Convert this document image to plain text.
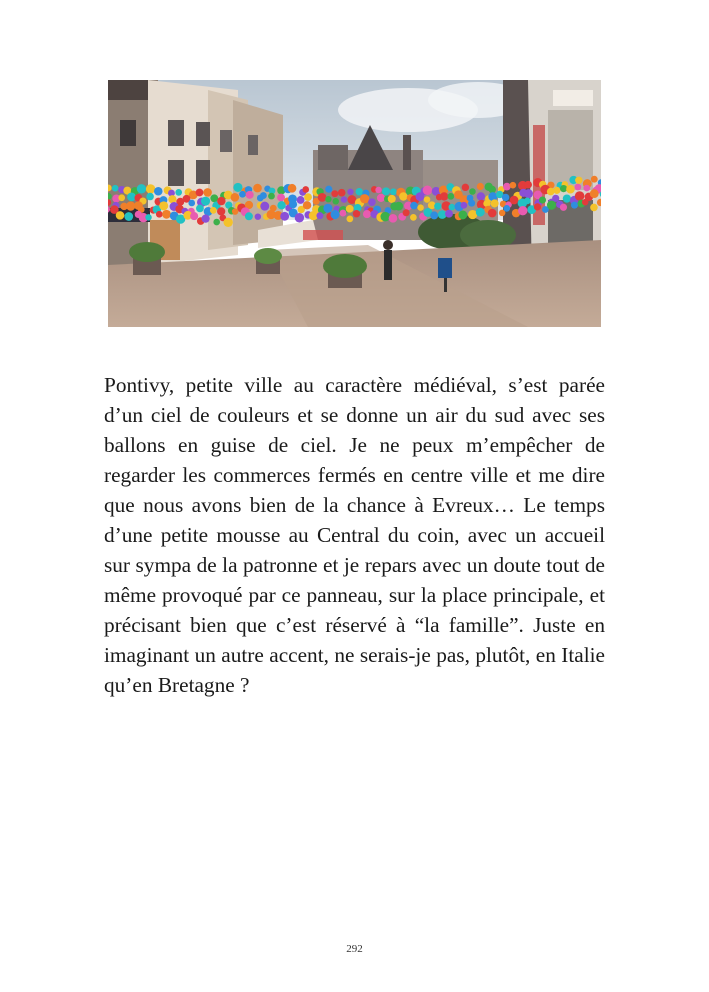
Pontivy, petite ville au caractère médiéval, s’est parée d’un ciel de couleurs et se donne un air du sud avec ses ballons en guise de ciel. Je ne peux m’empêcher de regarder les commerces fermés en centre ville et me dire que nous avons bien de la chance à Evreux… Le temps d’une petite mousse au Central du coin, avec un accueil sur sympa de la patronne et je repars avec un doute tout de même provoqué par ce panneau, sur la place principale, et précisant bien que c’est réservé à “la famille”. Juste en imaginant un autre accent, ne serais-je pas, plutôt, en Italie qu’en Bretagne ?

292
